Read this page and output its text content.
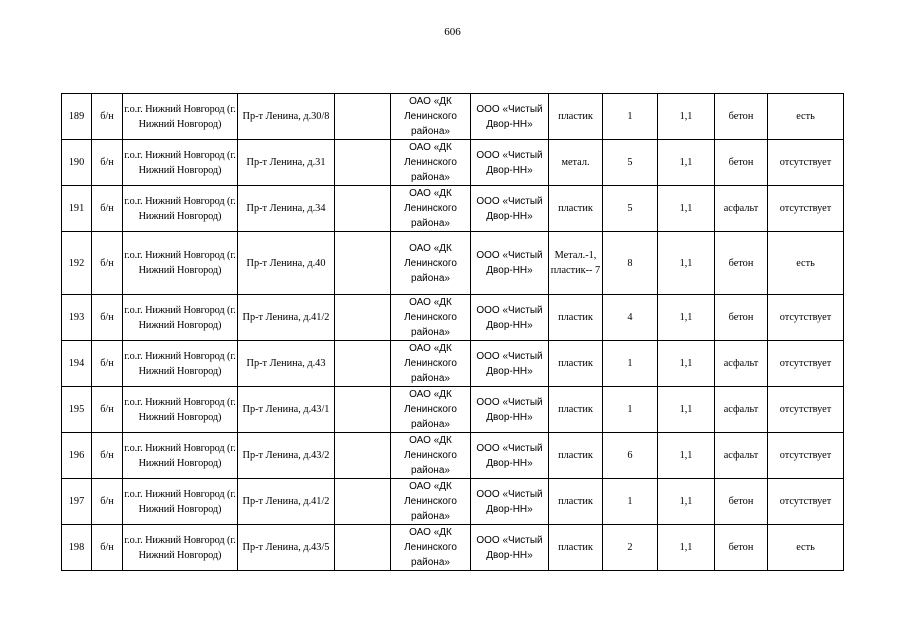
606
189	б/н	г.о.г. Нижний Новгород (г. Нижний Новгород)	Пр-т Ленина, д.30/8		ОАО «ДК Ленинского района»	ООО «Чистый Двор-НН»	пластик	1	1,1	бетон	есть
190	б/н	г.о.г. Нижний Новгород (г. Нижний Новгород)	Пр-т Ленина, д.31		ОАО «ДК Ленинского района»	ООО «Чистый Двор-НН»	метал.	5	1,1	бетон	отсутствует
191	б/н	г.о.г. Нижний Новгород (г. Нижний Новгород)	Пр-т Ленина, д.34		ОАО «ДК Ленинского района»	ООО «Чистый Двор-НН»	пластик	5	1,1	асфальт	отсутствует
192	б/н	г.о.г. Нижний Новгород (г. Нижний Новгород)	Пр-т Ленина, д.40		ОАО «ДК Ленинского района»	ООО «Чистый Двор-НН»	Метал.-1, пластик-- 7	8	1,1	бетон	есть
193	б/н	г.о.г. Нижний Новгород (г. Нижний Новгород)	Пр-т Ленина, д.41/2		ОАО «ДК Ленинского района»	ООО «Чистый Двор-НН»	пластик	4	1,1	бетон	отсутствует
194	б/н	г.о.г. Нижний Новгород (г. Нижний Новгород)	Пр-т Ленина, д.43		ОАО «ДК Ленинского района»	ООО «Чистый Двор-НН»	пластик	1	1,1	асфальт	отсутствует
195	б/н	г.о.г. Нижний Новгород (г. Нижний Новгород)	Пр-т Ленина, д.43/1		ОАО «ДК Ленинского района»	ООО «Чистый Двор-НН»	пластик	1	1,1	асфальт	отсутствует
196	б/н	г.о.г. Нижний Новгород (г. Нижний Новгород)	Пр-т Ленина, д.43/2		ОАО «ДК Ленинского района»	ООО «Чистый Двор-НН»	пластик	6	1,1	асфальт	отсутствует
197	б/н	г.о.г. Нижний Новгород (г. Нижний Новгород)	Пр-т Ленина, д.41/2		ОАО «ДК Ленинского района»	ООО «Чистый Двор-НН»	пластик	1	1,1	бетон	отсутствует
198	б/н	г.о.г. Нижний Новгород (г. Нижний Новгород)	Пр-т Ленина, д.43/5		ОАО «ДК Ленинского района»	ООО «Чистый Двор-НН»	пластик	2	1,1	бетон	есть
